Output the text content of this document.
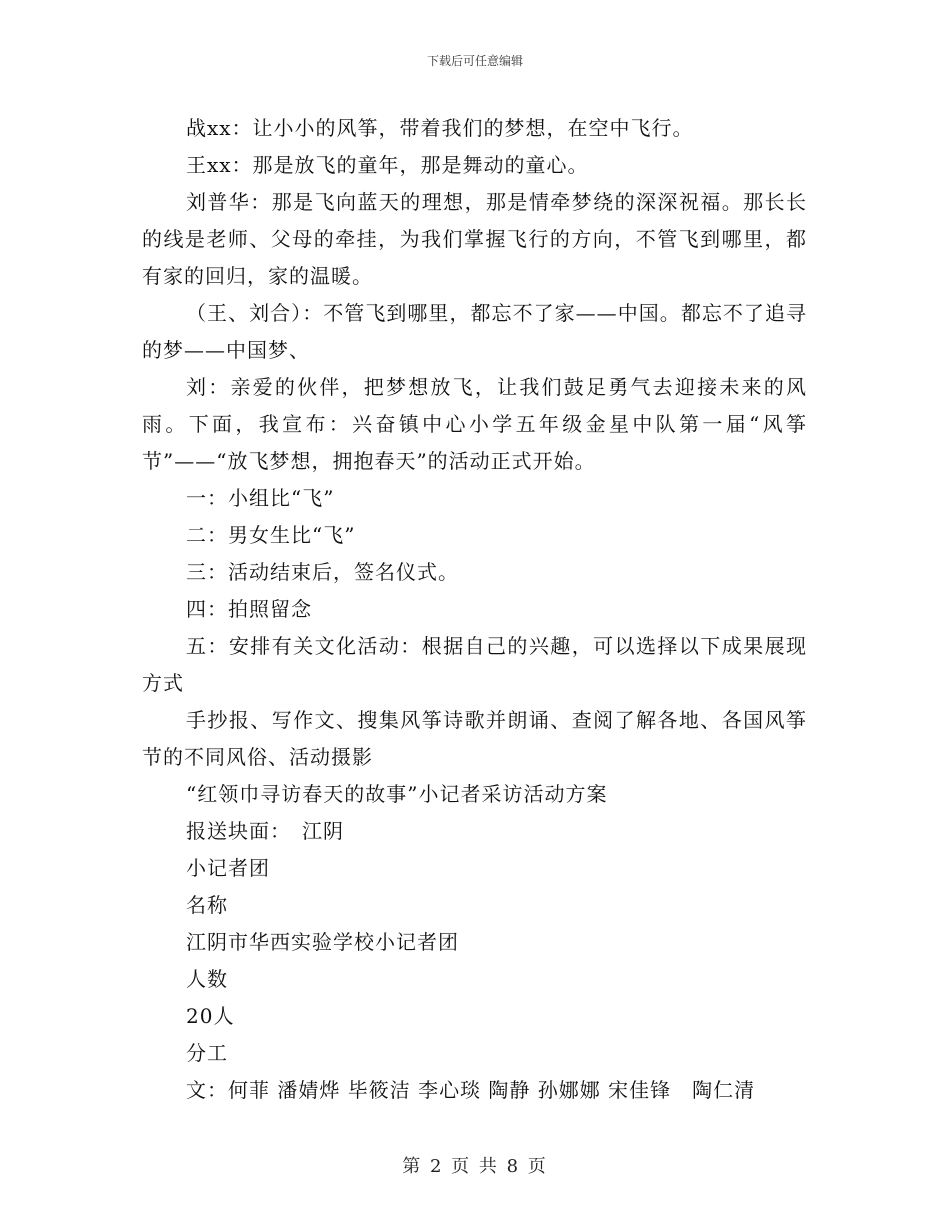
下载后可任意编辑

战xx：让小小的风筝，带着我们的梦想，在空中飞行。

王xx：那是放飞的童年，那是舞动的童心。

刘普华：那是飞向蓝天的理想，那是情牵梦绕的深深祝福。那长长的线是老师、父母的牵挂，为我们掌握飞行的方向，不管飞到哪里，都有家的回归，家的温暖。

（王、刘合）：不管飞到哪里，都忘不了家——中国。都忘不了追寻的梦——中国梦、

刘：亲爱的伙伴，把梦想放飞，让我们鼓足勇气去迎接未来的风雨。下面，我宣布：兴奋镇中心小学五年级金星中队第一届“风筝节”——“放飞梦想，拥抱春天”的活动正式开始。

一：小组比“飞”

二：男女生比“飞”

三：活动结束后，签名仪式。

四：拍照留念

五：安排有关文化活动：根据自己的兴趣，可以选择以下成果展现方式

手抄报、写作文、搜集风筝诗歌并朗诵、查阅了解各地、各国风筝节的不同风俗、活动摄影

“红领巾寻访春天的故事”小记者采访活动方案

报送块面：　江阴

小记者团

名称

江阴市华西实验学校小记者团

人数

20人

分工

文：何菲 潘婧烨 毕筱洁 李心琰 陶静 孙娜娜 宋佳锋　陶仁清

第 2 页 共 8 页
